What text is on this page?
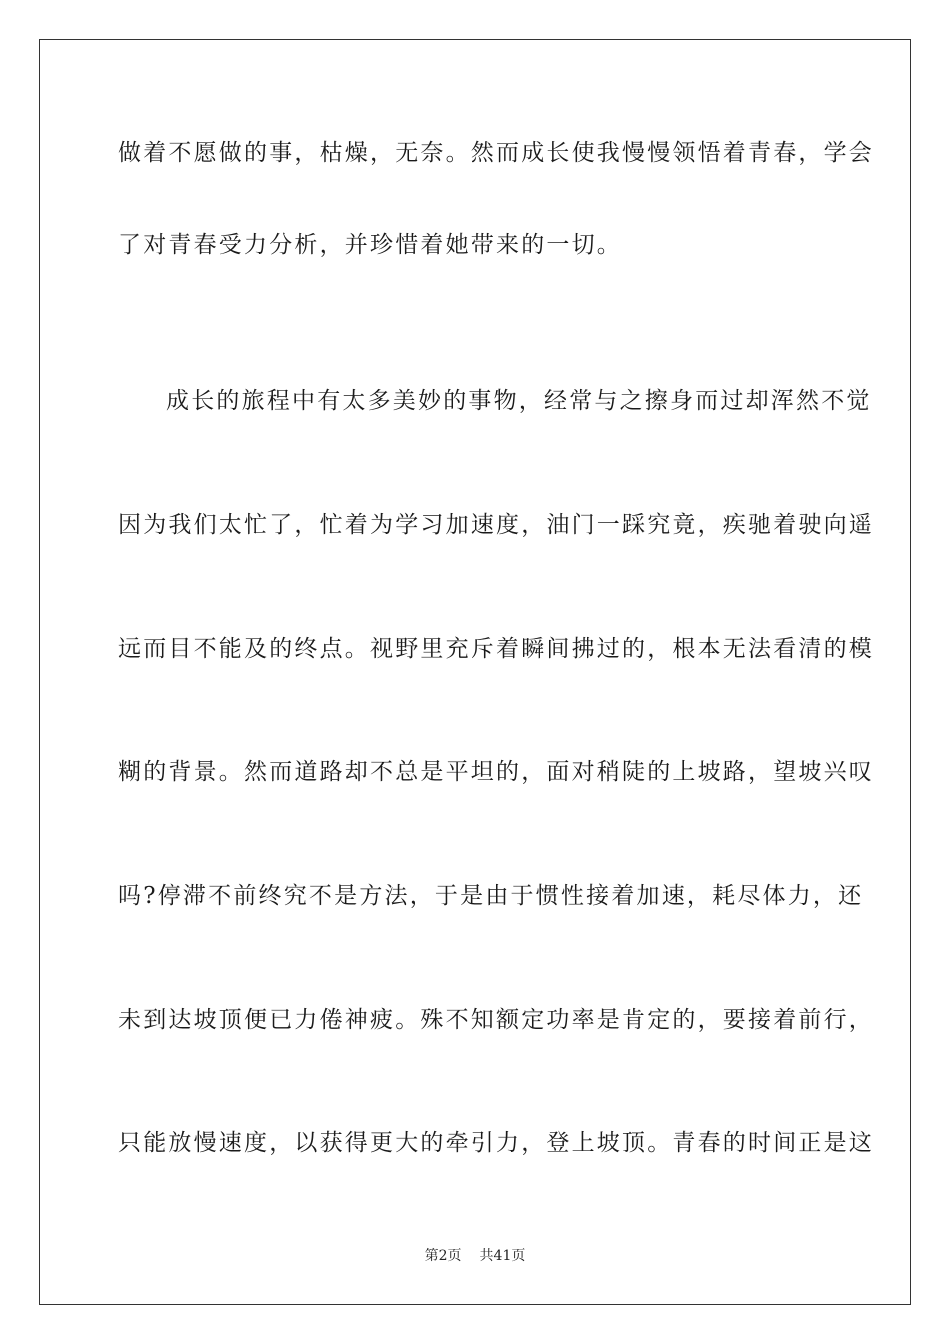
做着不愿做的事，枯燥，无奈。然而成长使我慢慢领悟着青春，学会
了对青春受力分析，并珍惜着她带来的一切。
成长的旅程中有太多美妙的事物，经常与之擦身而过却浑然不觉
因为我们太忙了，忙着为学习加速度，油门一踩究竟，疾驰着驶向遥
远而目不能及的终点。视野里充斥着瞬间拂过的，根本无法看清的模
糊的背景。然而道路却不总是平坦的，面对稍陡的上坡路，望坡兴叹
吗?停滞不前终究不是方法，于是由于惯性接着加速，耗尽体力，还
未到达坡顶便已力倦神疲。殊不知额定功率是肯定的，要接着前行，
只能放慢速度，以获得更大的牵引力，登上坡顶。青春的时间正是这
第2页 共41页
